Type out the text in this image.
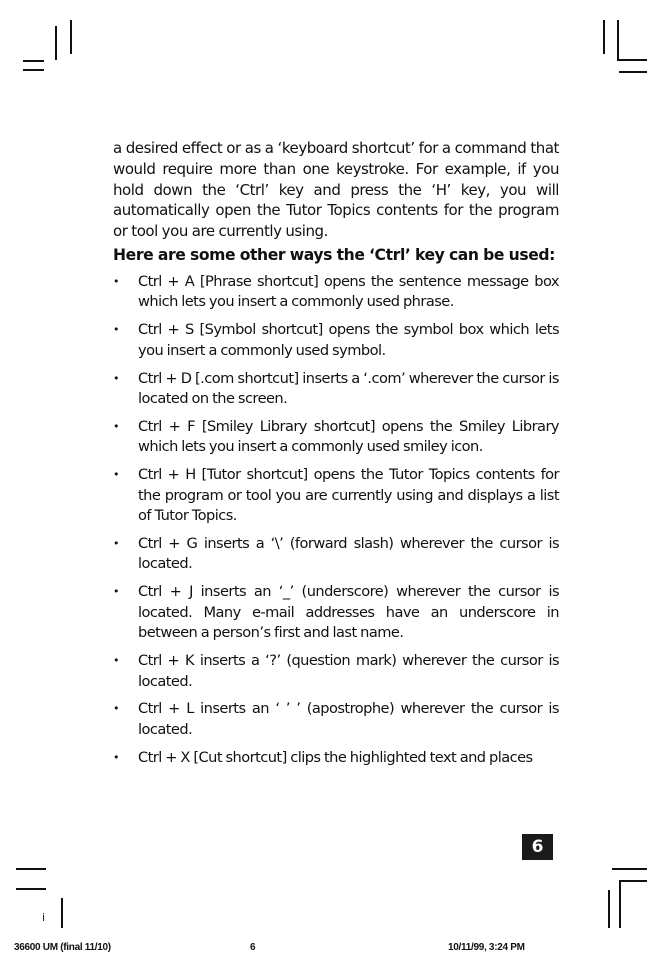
i

a desired effect or as a ‘keyboard shortcut’ for a command that would require more than one keystroke. For example, if you hold down the ‘Ctrl’ key and press the ‘H’ key, you will automatically open the Tutor Topics contents for the program or tool you are currently using.

Here are some other ways the ‘Ctrl’ key can be used:
• Ctrl + A [Phrase shortcut] opens the sentence message box which lets you insert a commonly used phrase.
• Ctrl + S [Symbol shortcut] opens the symbol box which lets you insert a commonly used symbol.
• Ctrl + D [.com shortcut] inserts a ‘.com’ wherever the cursor is located on the screen.
• Ctrl + F [Smiley Library shortcut] opens the Smiley Library which lets you insert a commonly used smiley icon.
• Ctrl + H [Tutor shortcut] opens the Tutor Topics contents for the program or tool you are currently using and displays a list of Tutor Topics.
• Ctrl + G inserts a ‘\’ (forward slash) wherever the cursor is located.
• Ctrl + J inserts an ‘_’ (underscore) wherever the cursor is located. Many e-mail addresses have an underscore in between a person’s first and last name.
• Ctrl + K inserts a ‘?’ (question mark) wherever the cursor is located.
• Ctrl + L inserts an ‘ ’ ’ (apostrophe) wherever the cursor is located.
• Ctrl + X [Cut shortcut] clips the highlighted text and places
6
36600 UM (final 11/10)	6	10/11/99, 3:24 PM
